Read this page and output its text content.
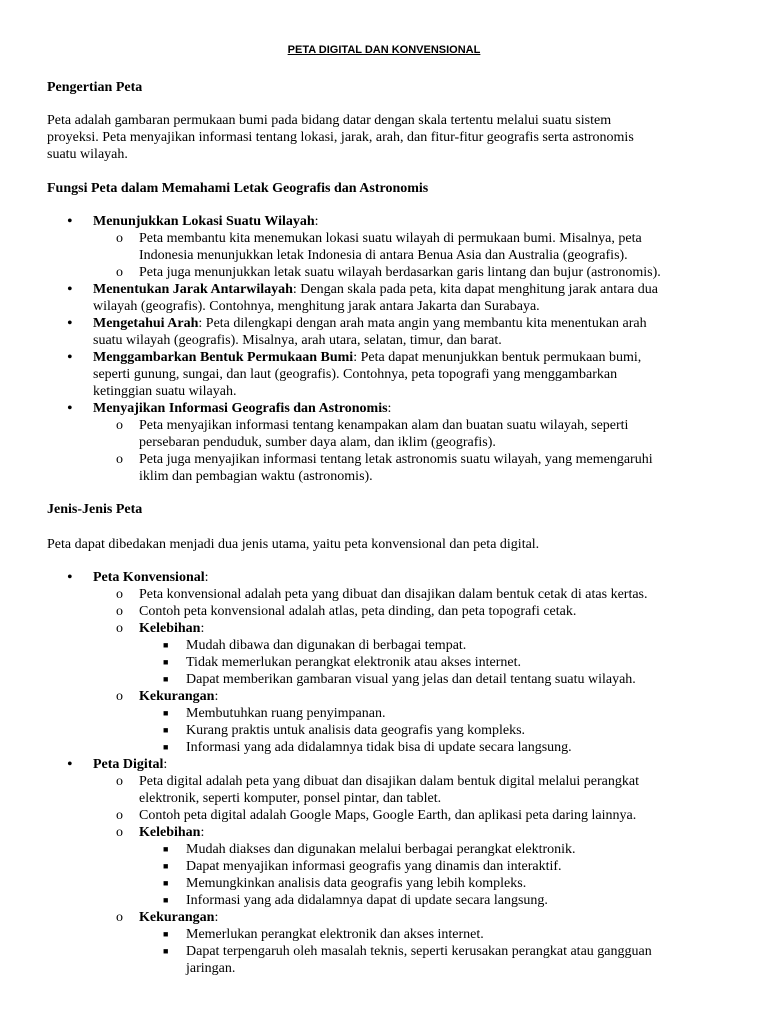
PETA DIGITAL DAN KONVENSIONAL
Pengertian Peta
Peta adalah gambaran permukaan bumi pada bidang datar dengan skala tertentu melalui suatu sistem
proyeksi. Peta menyajikan informasi tentang lokasi, jarak, arah, dan fitur-fitur geografis serta astronomis
suatu wilayah.
Fungsi Peta dalam Memahami Letak Geografis dan Astronomis
• Menunjukkan Lokasi Suatu Wilayah:
o Peta membantu kita menemukan lokasi suatu wilayah di permukaan bumi. Misalnya, peta
Indonesia menunjukkan letak Indonesia di antara Benua Asia dan Australia (geografis).
o Peta juga menunjukkan letak suatu wilayah berdasarkan garis lintang dan bujur (astronomis).
• Menentukan Jarak Antarwilayah: Dengan skala pada peta, kita dapat menghitung jarak antara dua
wilayah (geografis). Contohnya, menghitung jarak antara Jakarta dan Surabaya.
• Mengetahui Arah: Peta dilengkapi dengan arah mata angin yang membantu kita menentukan arah
suatu wilayah (geografis). Misalnya, arah utara, selatan, timur, dan barat.
• Menggambarkan Bentuk Permukaan Bumi: Peta dapat menunjukkan bentuk permukaan bumi,
seperti gunung, sungai, dan laut (geografis). Contohnya, peta topografi yang menggambarkan
ketinggian suatu wilayah.
• Menyajikan Informasi Geografis dan Astronomis:
o Peta menyajikan informasi tentang kenampakan alam dan buatan suatu wilayah, seperti
persebaran penduduk, sumber daya alam, dan iklim (geografis).
o Peta juga menyajikan informasi tentang letak astronomis suatu wilayah, yang memengaruhi
iklim dan pembagian waktu (astronomis).
Jenis-Jenis Peta
Peta dapat dibedakan menjadi dua jenis utama, yaitu peta konvensional dan peta digital.
• Peta Konvensional:
o Peta konvensional adalah peta yang dibuat dan disajikan dalam bentuk cetak di atas kertas.
o Contoh peta konvensional adalah atlas, peta dinding, dan peta topografi cetak.
o Kelebihan:
■ Mudah dibawa dan digunakan di berbagai tempat.
■ Tidak memerlukan perangkat elektronik atau akses internet.
■ Dapat memberikan gambaran visual yang jelas dan detail tentang suatu wilayah.
o Kekurangan:
■ Membutuhkan ruang penyimpanan.
■ Kurang praktis untuk analisis data geografis yang kompleks.
■ Informasi yang ada didalamnya tidak bisa di update secara langsung.
• Peta Digital:
o Peta digital adalah peta yang dibuat dan disajikan dalam bentuk digital melalui perangkat
elektronik, seperti komputer, ponsel pintar, dan tablet.
o Contoh peta digital adalah Google Maps, Google Earth, dan aplikasi peta daring lainnya.
o Kelebihan:
■ Mudah diakses dan digunakan melalui berbagai perangkat elektronik.
■ Dapat menyajikan informasi geografis yang dinamis dan interaktif.
■ Memungkinkan analisis data geografis yang lebih kompleks.
■ Informasi yang ada didalamnya dapat di update secara langsung.
o Kekurangan:
■ Memerlukan perangkat elektronik dan akses internet.
■ Dapat terpengaruh oleh masalah teknis, seperti kerusakan perangkat atau gangguan
jaringan.
